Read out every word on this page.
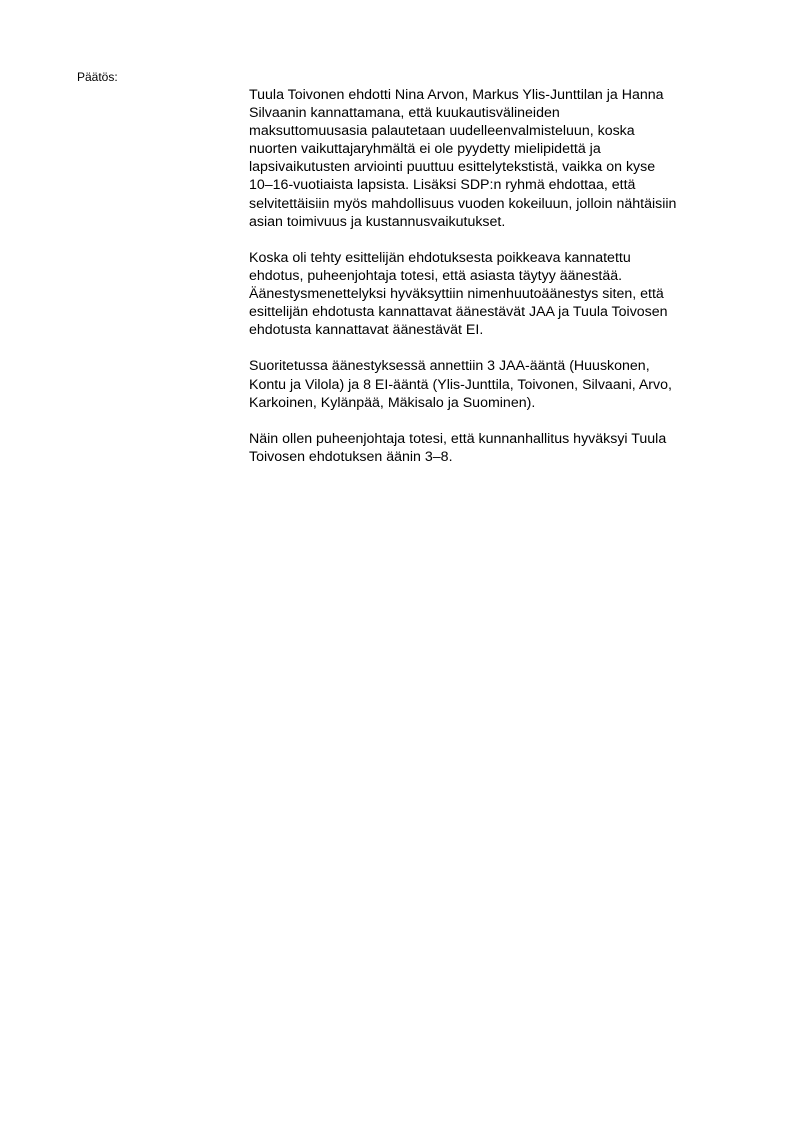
Päätös:
Tuula Toivonen ehdotti Nina Arvon, Markus Ylis-Junttilan ja Hanna
Silvaanin kannattamana, että kuukautisvälineiden
maksuttomuusasia palautetaan uudelleenvalmisteluun, koska
nuorten vaikuttajaryhmältä ei ole pyydetty mielipidettä ja
lapsivaikutusten arviointi puuttuu esittelytekstistä, vaikka on kyse
10–16-vuotiaista lapsista. Lisäksi SDP:n ryhmä ehdottaa, että
selvitettäisiin myös mahdollisuus vuoden kokeiluun, jolloin nähtäisiin
asian toimivuus ja kustannusvaikutukset.
Koska oli tehty esittelijän ehdotuksesta poikkeava kannatettu
ehdotus, puheenjohtaja totesi, että asiasta täytyy äänestää.
Äänestysmenettelyksi hyväksyttiin nimenhuutoäänestys siten, että
esittelijän ehdotusta kannattavat äänestävät JAA ja Tuula Toivosen
ehdotusta kannattavat äänestävät EI.
Suoritetussa äänestyksessä annettiin 3 JAA-ääntä (Huuskonen,
Kontu ja Vilola) ja 8 EI-ääntä (Ylis-Junttila, Toivonen, Silvaani, Arvo,
Karkoinen, Kylänpää, Mäkisalo ja Suominen).
Näin ollen puheenjohtaja totesi, että kunnanhallitus hyväksyi Tuula
Toivosen ehdotuksen äänin 3–8.
